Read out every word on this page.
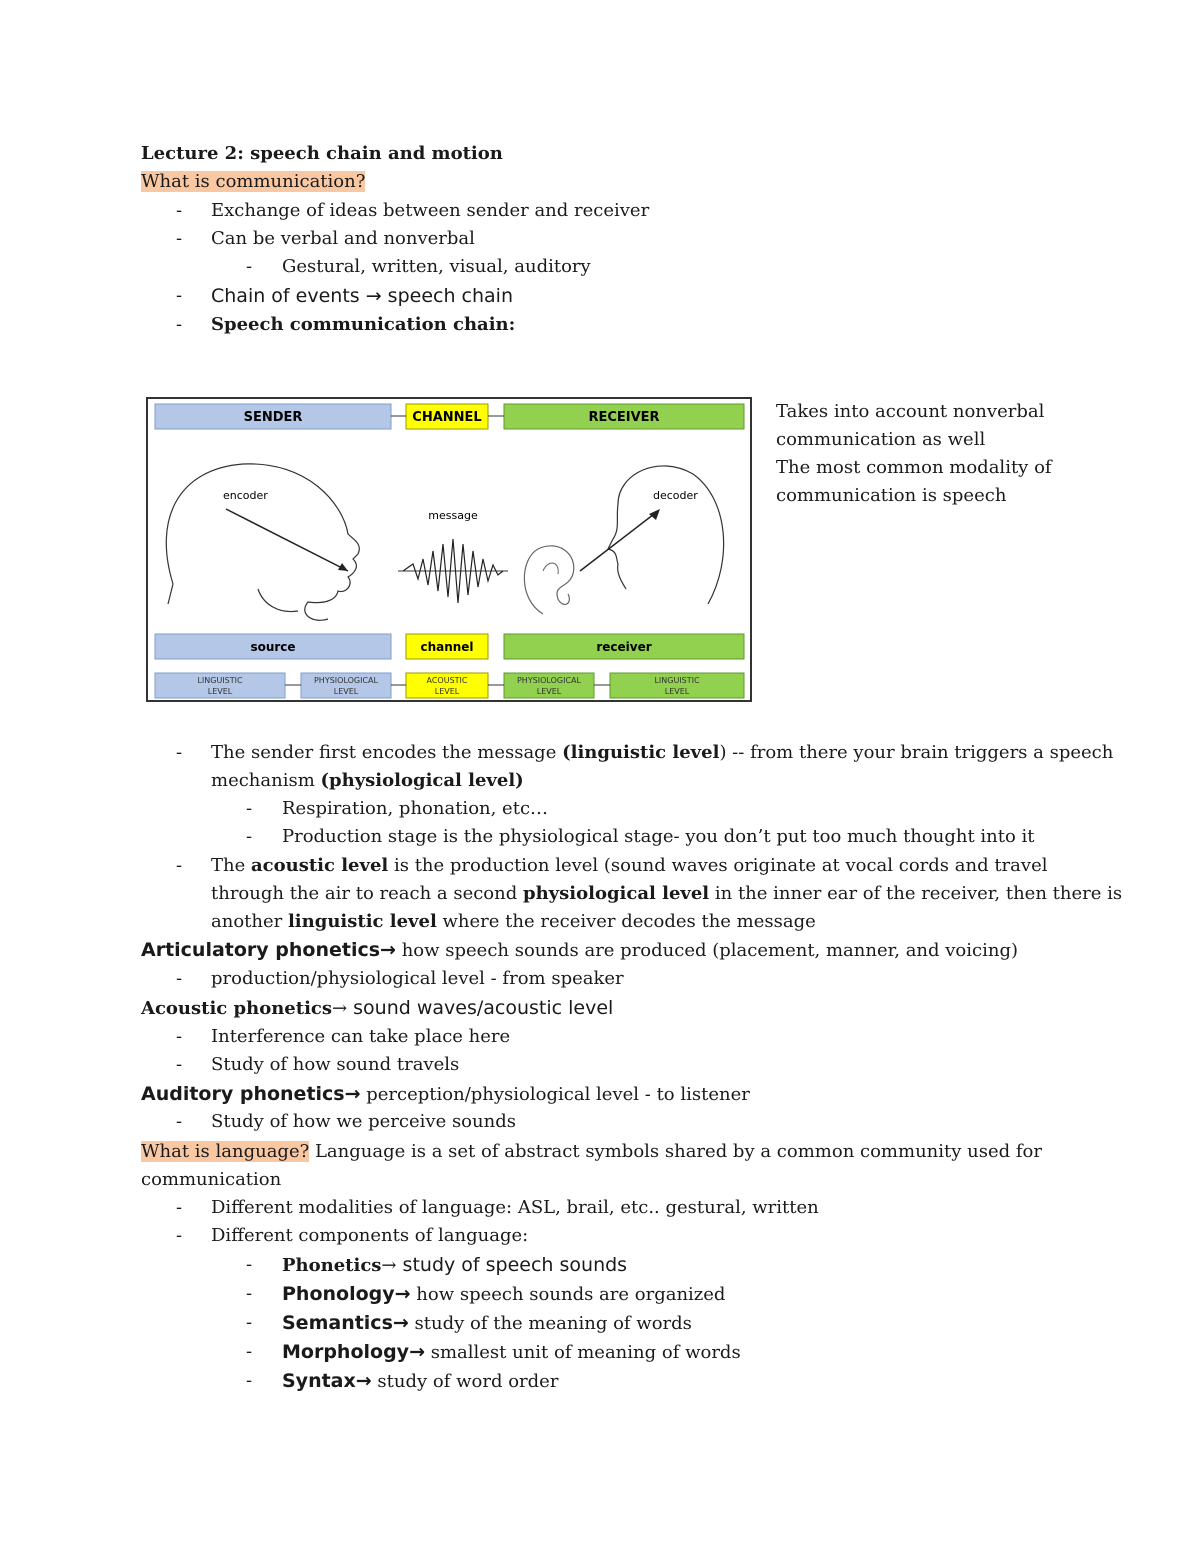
Lecture 2: speech chain and motion
What is communication?
- Exchange of ideas between sender and receiver
- Can be verbal and nonverbal
- Gestural, written, visual, auditory
- Chain of events → speech chain
- Speech communication chain:
SENDER	CHANNEL	RECEIVER
encoder
message
decoder
source	channel	receiver
LINGUISTIC
LEVEL
PHYSIOLOGICAL
LEVEL
ACOUSTIC
LEVEL
PHYSIOLOGICAL
LEVEL
LINGUISTIC
LEVEL
Takes into account nonverbal
communication as well
The most common modality of
communication is speech
- The sender first encodes the message (linguistic level) -- from there your brain triggers a speech
mechanism (physiological level)
- Respiration, phonation, etc…
- Production stage is the physiological stage- you don’t put too much thought into it
- The acoustic level is the production level (sound waves originate at vocal cords and travel
through the air to reach a second physiological level in the inner ear of the receiver, then there is
another linguistic level where the receiver decodes the message
Articulatory phonetics→ how speech sounds are produced (placement, manner, and voicing)
- production/physiological level - from speaker
Acoustic phonetics→ sound waves/acoustic level
- Interference can take place here
- Study of how sound travels
Auditory phonetics→ perception/physiological level - to listener
- Study of how we perceive sounds
What is language? Language is a set of abstract symbols shared by a common community used for
communication
- Different modalities of language: ASL, brail, etc.. gestural, written
- Different components of language:
- Phonetics→ study of speech sounds
- Phonology→ how speech sounds are organized
- Semantics→ study of the meaning of words
- Morphology→ smallest unit of meaning of words
- Syntax→ study of word order
